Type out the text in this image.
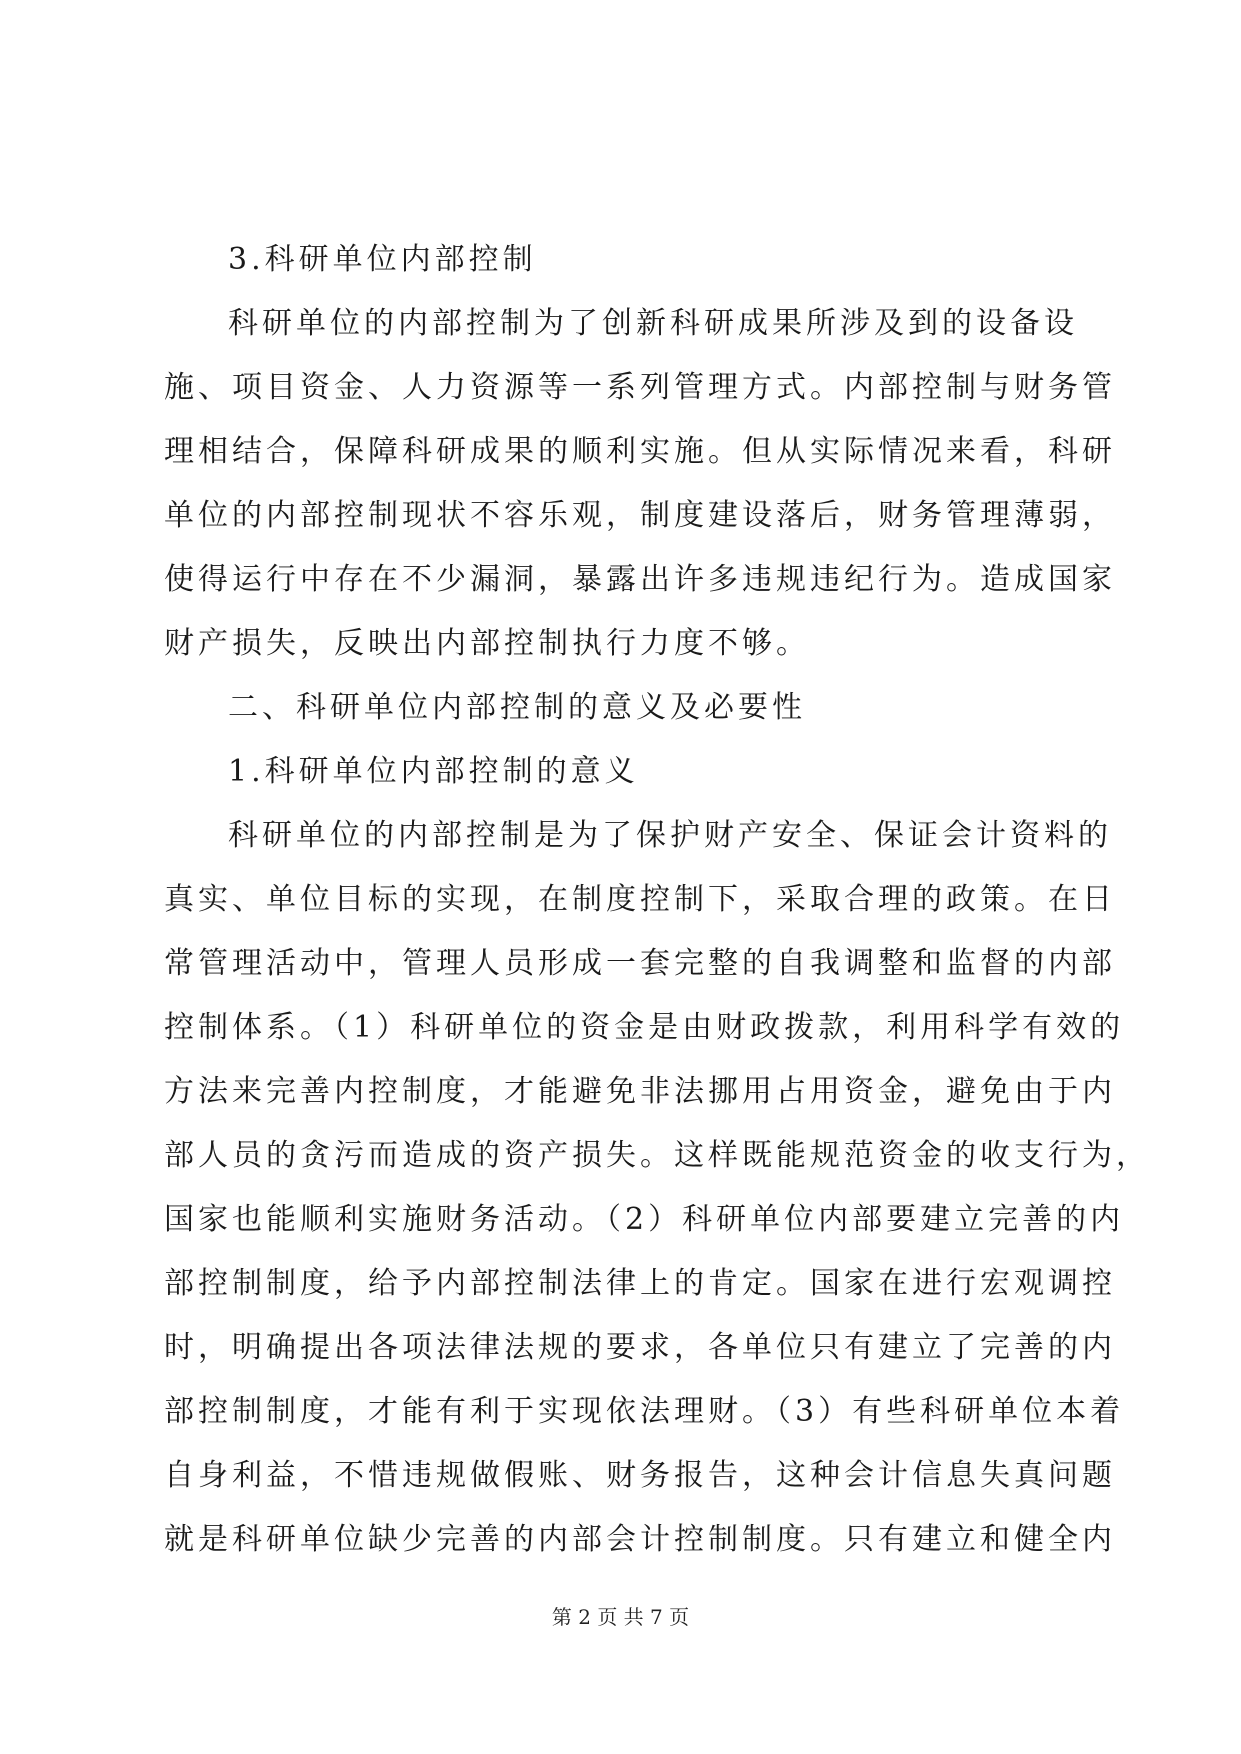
3.科研单位内部控制
科研单位的内部控制为了创新科研成果所涉及到的设备设
施、项目资金、人力资源等一系列管理方式。内部控制与财务管
理相结合，保障科研成果的顺利实施。但从实际情况来看，科研
单位的内部控制现状不容乐观，制度建设落后，财务管理薄弱，
使得运行中存在不少漏洞，暴露出许多违规违纪行为。造成国家
财产损失，反映出内部控制执行力度不够。
二、科研单位内部控制的意义及必要性
1.科研单位内部控制的意义
科研单位的内部控制是为了保护财产安全、保证会计资料的
真实、单位目标的实现，在制度控制下，采取合理的政策。在日
常管理活动中，管理人员形成一套完整的自我调整和监督的内部
控制体系。（1）科研单位的资金是由财政拨款，利用科学有效的
方法来完善内控制度，才能避免非法挪用占用资金，避免由于内
部人员的贪污而造成的资产损失。这样既能规范资金的收支行为，
国家也能顺利实施财务活动。（2）科研单位内部要建立完善的内
部控制制度，给予内部控制法律上的肯定。国家在进行宏观调控
时，明确提出各项法律法规的要求，各单位只有建立了完善的内
部控制制度，才能有利于实现依法理财。（3）有些科研单位本着
自身利益，不惜违规做假账、财务报告，这种会计信息失真问题
就是科研单位缺少完善的内部会计控制制度。只有建立和健全内
第 2 页 共 7 页
